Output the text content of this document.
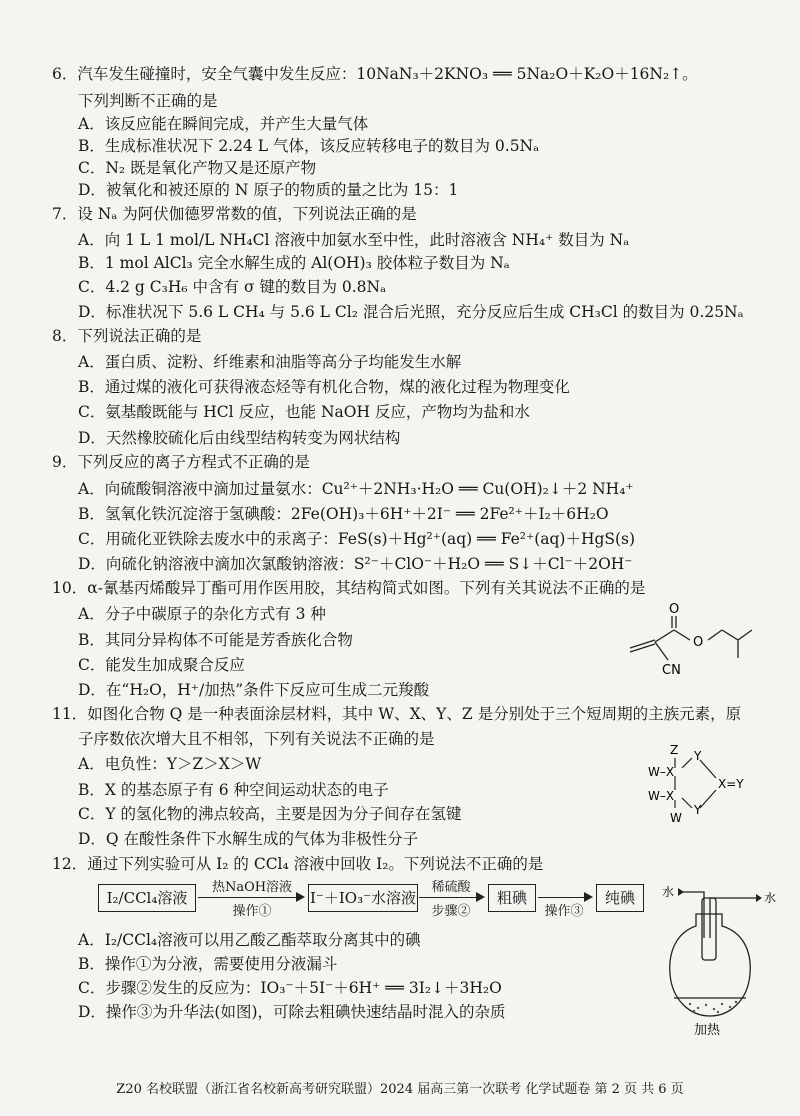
6．汽车发生碰撞时，安全气囊中发生反应：10NaN₃＋2KNO₃ ══ 5Na₂O＋K₂O＋16N₂↑。
下列判断不正确的是
A．该反应能在瞬间完成，并产生大量气体
B．生成标准状况下 2.24 L 气体，该反应转移电子的数目为 0.5Nₐ
C．N₂ 既是氧化产物又是还原产物
D．被氧化和被还原的 N 原子的物质的量之比为 15：1
7．设 Nₐ 为阿伏伽德罗常数的值，下列说法正确的是
A．向 1 L 1 mol/L NH₄Cl 溶液中加氨水至中性，此时溶液含 NH₄⁺ 数目为 Nₐ
B．1 mol AlCl₃ 完全水解生成的 Al(OH)₃ 胶体粒子数目为 Nₐ
C．4.2 g C₃H₆ 中含有 σ 键的数目为 0.8Nₐ
D．标准状况下 5.6 L CH₄ 与 5.6 L Cl₂ 混合后光照，充分反应后生成 CH₃Cl 的数目为 0.25Nₐ
8．下列说法正确的是
A．蛋白质、淀粉、纤维素和油脂等高分子均能发生水解
B．通过煤的液化可获得液态烃等有机化合物，煤的液化过程为物理变化
C．氨基酸既能与 HCl 反应，也能 NaOH 反应，产物均为盐和水
D．天然橡胶硫化后由线型结构转变为网状结构
9．下列反应的离子方程式不正确的是
A．向硫酸铜溶液中滴加过量氨水：Cu²⁺＋2NH₃·H₂O ══ Cu(OH)₂↓＋2 NH₄⁺
B．氢氧化铁沉淀溶于氢碘酸：2Fe(OH)₃＋6H⁺＋2I⁻ ══ 2Fe²⁺＋I₂＋6H₂O
C．用硫化亚铁除去废水中的汞离子：FeS(s)＋Hg²⁺(aq) ══ Fe²⁺(aq)＋HgS(s)
D．向硫化钠溶液中滴加次氯酸钠溶液：S²⁻＋ClO⁻＋H₂O ══ S↓＋Cl⁻＋2OH⁻
10．α-氰基丙烯酸异丁酯可用作医用胶，其结构简式如图。下列有关其说法不正确的是
A．分子中碳原子的杂化方式有 3 种
B．其同分异构体不可能是芳香族化合物
C．能发生加成聚合反应
D．在“H₂O，H⁺/加热”条件下反应可生成二元羧酸
O
O
CN
11．如图化合物 Q 是一种表面涂层材料，其中 W、X、Y、Z 是分别处于三个短周期的主族元素，原
子序数依次增大且不相邻，下列有关说法不正确的是
A．电负性：Y＞Z＞X＞W
B．X 的基态原子有 6 种空间运动状态的电子
C．Y 的氢化物的沸点较高，主要是因为分子间存在氢键
D．Q 在酸性条件下水解生成的气体为非极性分子
Z Y
W–X
X=Y
W–X
Y
W
12．通过下列实验可从 I₂ 的 CCl₄ 溶液中回收 I₂。下列说法不正确的是
I₂/CCl₄溶液
热NaOH溶液
操作①
I⁻＋IO₃⁻水溶液
稀硫酸
步骤②
粗碘
操作③
纯碘
A．I₂/CCl₄溶液可以用乙酸乙酯萃取分离其中的碘
B．操作①为分液，需要使用分液漏斗
C．步骤②发生的反应为：IO₃⁻＋5I⁻＋6H⁺ ══ 3I₂↓＋3H₂O
D．操作③为升华法(如图)，可除去粗碘快速结晶时混入的杂质
水	水
加热
Z20 名校联盟（浙江省名校新高考研究联盟）2024 届高三第一次联考 化学试题卷 第 2 页 共 6 页
